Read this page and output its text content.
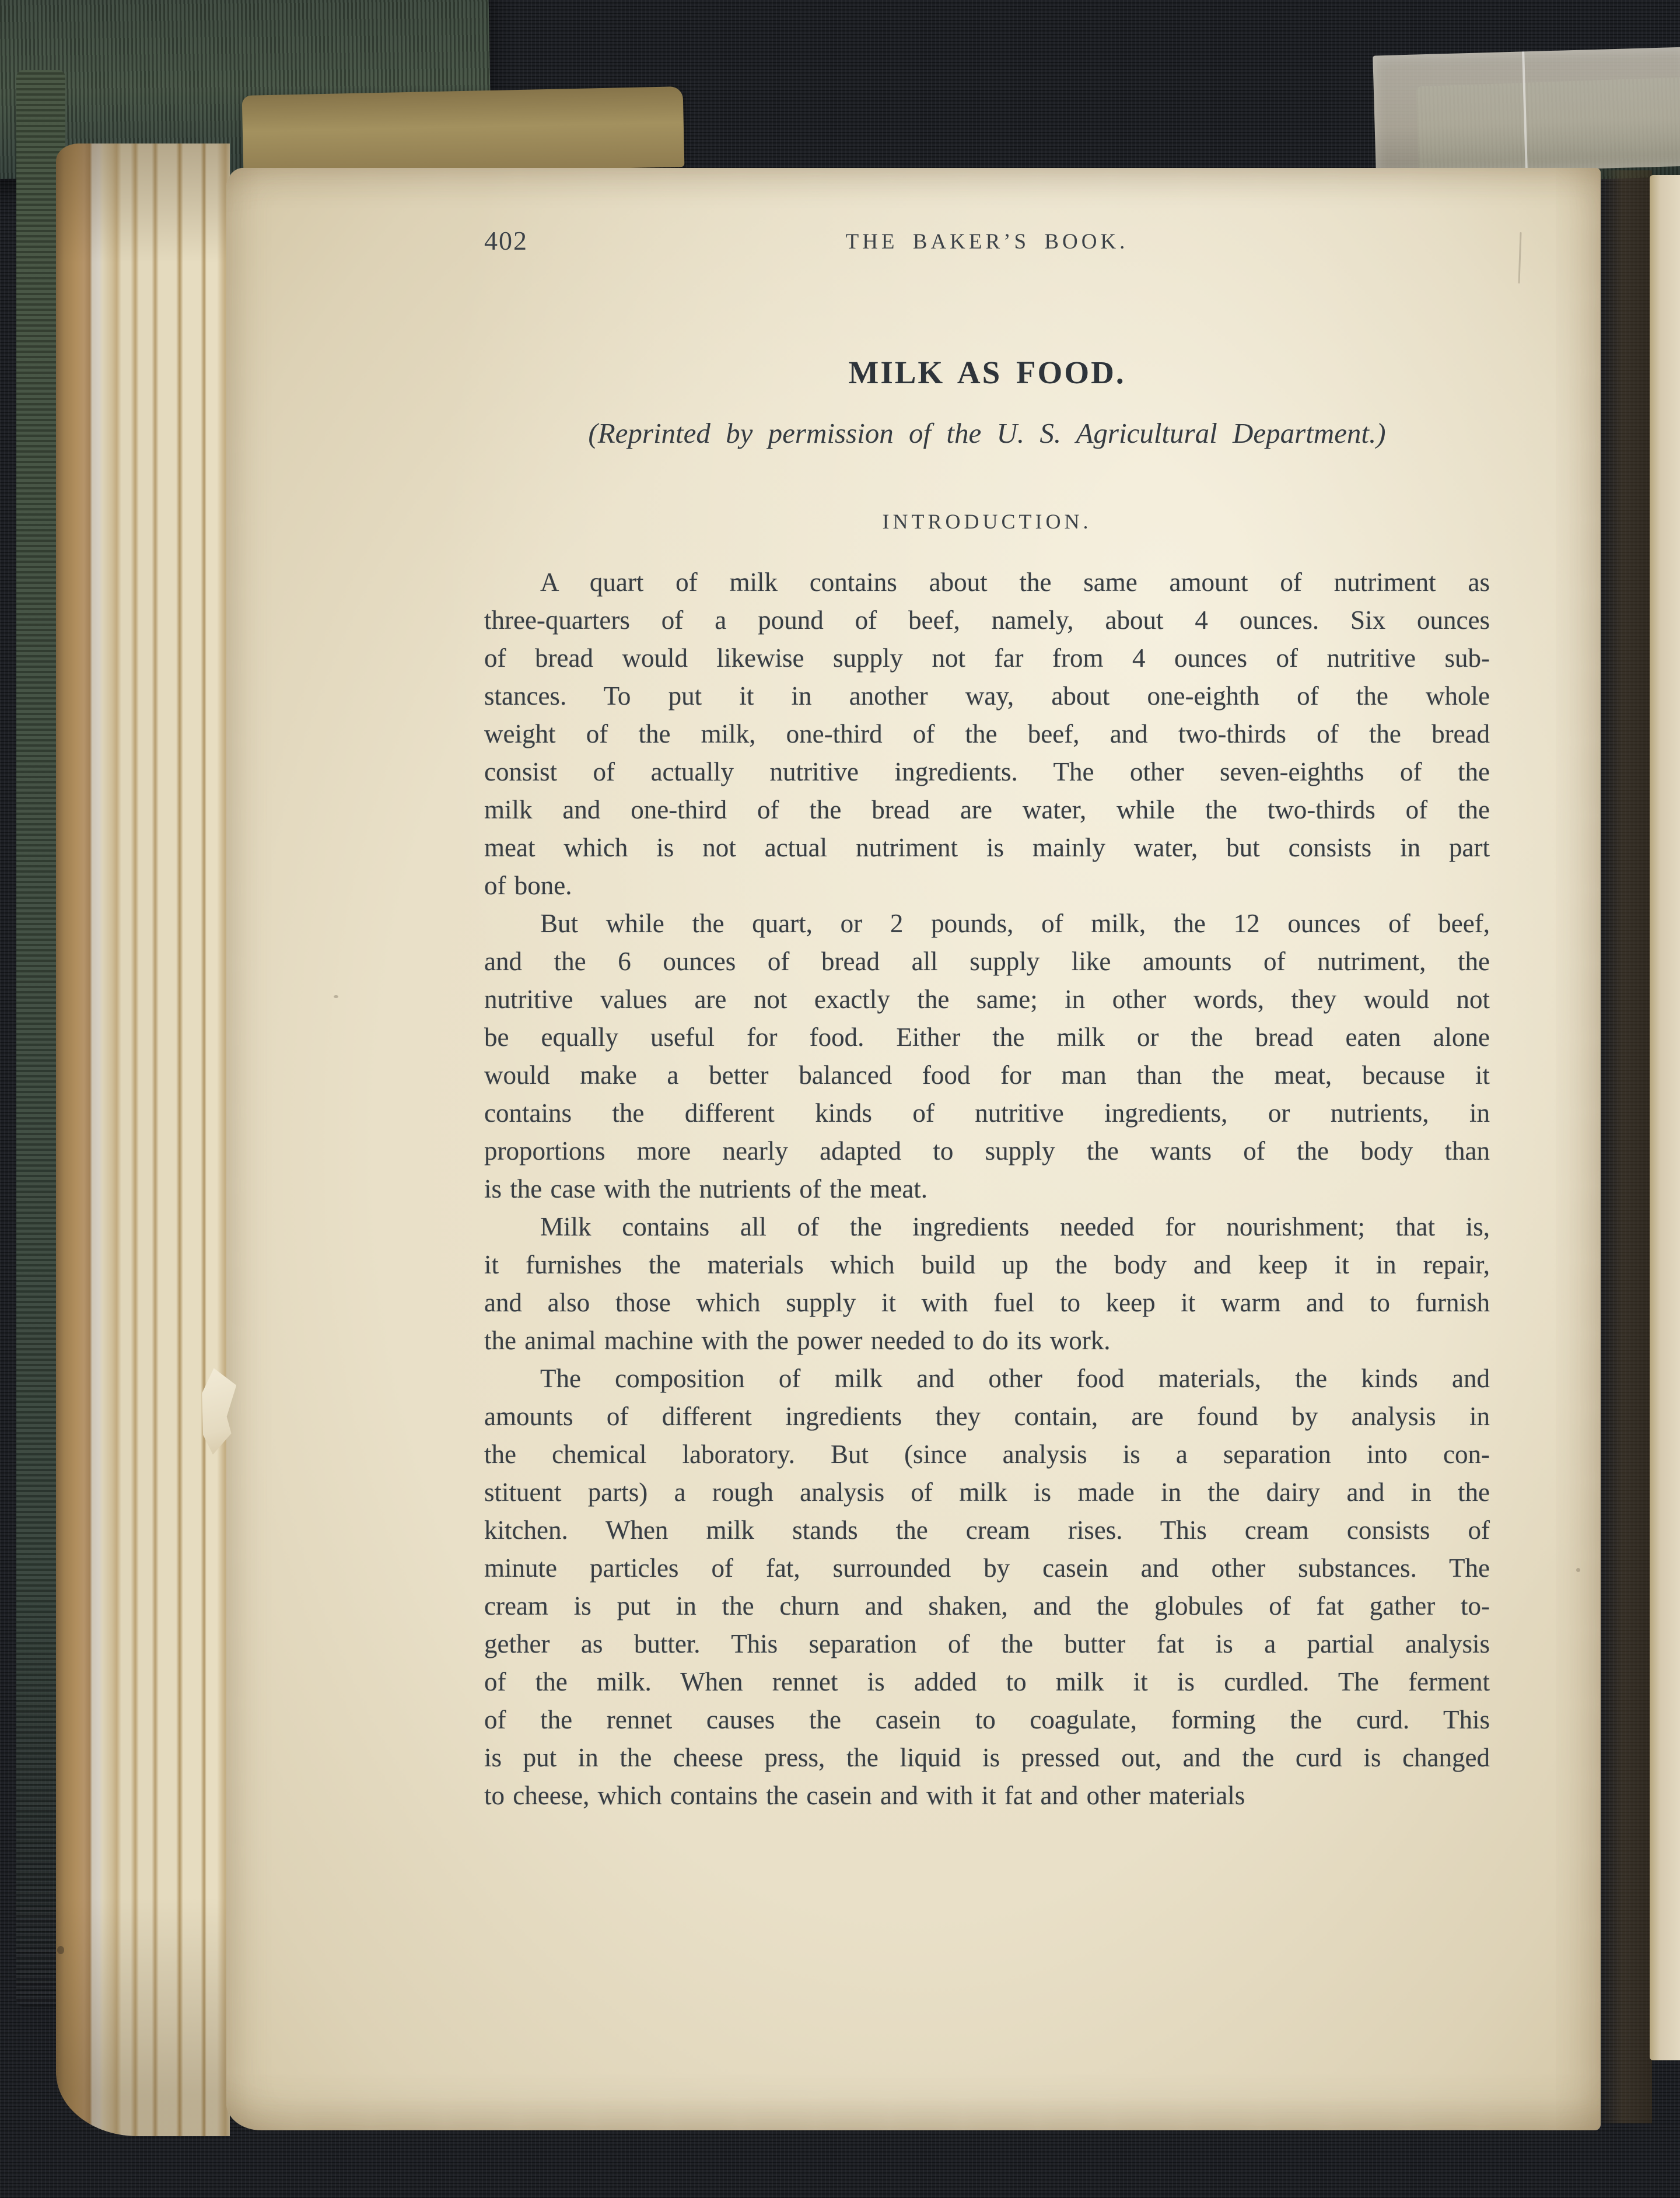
402	THE BAKER’S BOOK.
MILK AS FOOD.
(Reprinted by permission of the U. S. Agricultural Department.)
INTRODUCTION.
A quart of milk contains about the same amount of nutriment as
three-quarters of a pound of beef, namely, about 4 ounces. Six ounces
of bread would likewise supply not far from 4 ounces of nutritive sub-
stances. To put it in another way, about one-eighth of the whole
weight of the milk, one-third of the beef, and two-thirds of the bread
consist of actually nutritive ingredients. The other seven-eighths of the
milk and one-third of the bread are water, while the two-thirds of the
meat which is not actual nutriment is mainly water, but consists in part
of bone.
But while the quart, or 2 pounds, of milk, the 12 ounces of beef,
and the 6 ounces of bread all supply like amounts of nutriment, the
nutritive values are not exactly the same; in other words, they would not
be equally useful for food. Either the milk or the bread eaten alone
would make a better balanced food for man than the meat, because it
contains the different kinds of nutritive ingredients, or nutrients, in
proportions more nearly adapted to supply the wants of the body than
is the case with the nutrients of the meat.
Milk contains all of the ingredients needed for nourishment; that is,
it furnishes the materials which build up the body and keep it in repair,
and also those which supply it with fuel to keep it warm and to furnish
the animal machine with the power needed to do its work.
The composition of milk and other food materials, the kinds and
amounts of different ingredients they contain, are found by analysis in
the chemical laboratory. But (since analysis is a separation into con-
stituent parts) a rough analysis of milk is made in the dairy and in the
kitchen. When milk stands the cream rises. This cream consists of
minute particles of fat, surrounded by casein and other substances. The
cream is put in the churn and shaken, and the globules of fat gather to-
gether as butter. This separation of the butter fat is a partial analysis
of the milk. When rennet is added to milk it is curdled. The ferment
of the rennet causes the casein to coagulate, forming the curd. This
is put in the cheese press, the liquid is pressed out, and the curd is changed
to cheese, which contains the casein and with it fat and other materials
